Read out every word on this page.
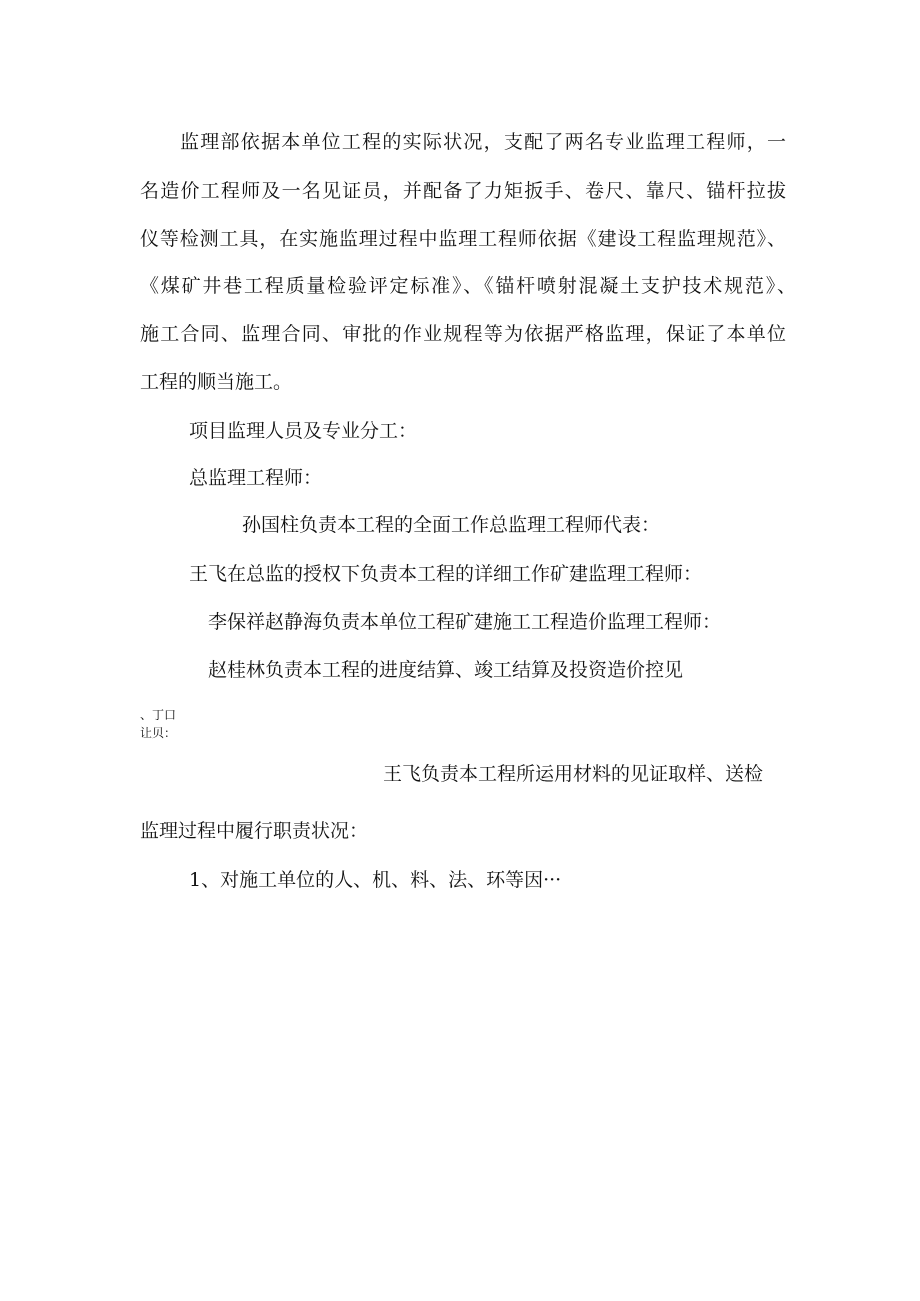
监理部依据本单位工程的实际状况，支配了两名专业监理工程师，一
名造价工程师及一名见证员，并配备了力矩扳手、卷尺、靠尺、锚杆拉拔
仪等检测工具，在实施监理过程中监理工程师依据《建设工程监理规范》、
《煤矿井巷工程质量检验评定标准》、《锚杆喷射混凝土支护技术规范》、
施工合同、监理合同、审批的作业规程等为依据严格监理，保证了本单位
工程的顺当施工。
项目监理人员及专业分工：
总监理工程师：
孙国柱负责本工程的全面工作总监理工程师代表：
王飞在总监的授权下负责本工程的详细工作矿建监理工程师：
李保祥赵静海负责本单位工程矿建施工工程造价监理工程师：
赵桂林负责本工程的进度结算、竣工结算及投资造价控见
、丁口
让贝：
王飞负责本工程所运用材料的见证取样、送检
监理过程中履行职责状况：
1、对施工单位的人、机、料、法、环等因···
